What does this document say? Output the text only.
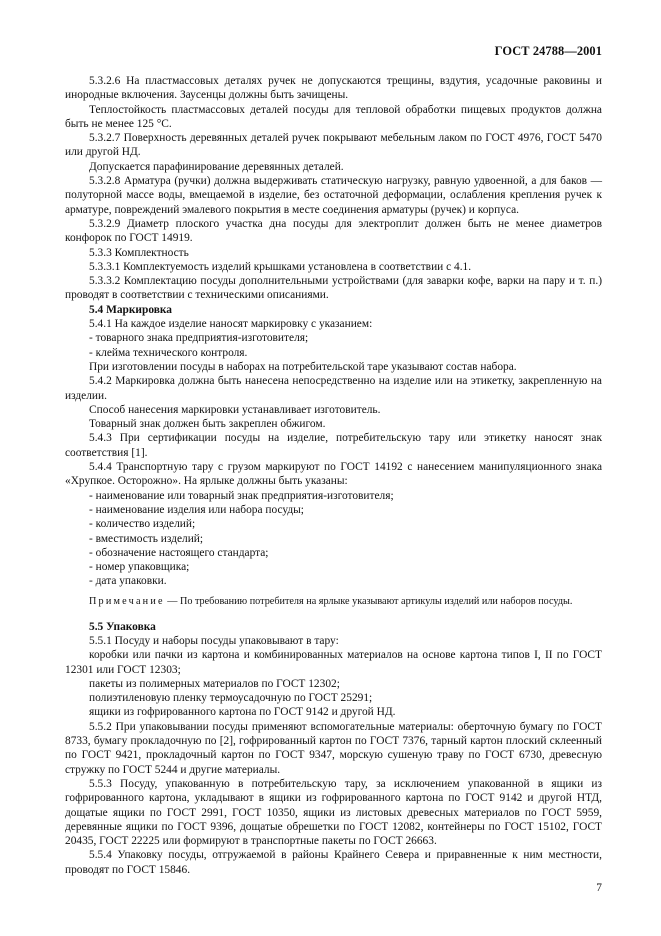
ГОСТ 24788—2001

5.3.2.6 На пластмассовых деталях ручек не допускаются трещины, вздутия, усадочные раковины и инородные включения. Заусенцы должны быть зачищены.

Теплостойкость пластмассовых деталей посуды для тепловой обработки пищевых продуктов должна быть не менее 125 °С.

5.3.2.7 Поверхность деревянных деталей ручек покрывают мебельным лаком по ГОСТ 4976, ГОСТ 5470 или другой НД.

Допускается парафинирование деревянных деталей.

5.3.2.8 Арматура (ручки) должна выдерживать статическую нагрузку, равную удвоенной, а для баков — полуторной массе воды, вмещаемой в изделие, без остаточной деформации, ослабления крепления ручек к арматуре, повреждений эмалевого покрытия в месте соединения арматуры (ручек) и корпуса.

5.3.2.9 Диаметр плоского участка дна посуды для электроплит должен быть не менее диаметров конфорок по ГОСТ 14919.

5.3.3 Комплектность

5.3.3.1 Комплектуемость изделий крышками установлена в соответствии с 4.1.

5.3.3.2 Комплектацию посуды дополнительными устройствами (для заварки кофе, варки на пару и т. п.) проводят в соответствии с техническими описаниями.

5.4 Маркировка

5.4.1 На каждое изделие наносят маркировку с указанием:

- товарного знака предприятия-изготовителя;

- клейма технического контроля.

При изготовлении посуды в наборах на потребительской таре указывают состав набора.

5.4.2 Маркировка должна быть нанесена непосредственно на изделие или на этикетку, закрепленную на изделии.

Способ нанесения маркировки устанавливает изготовитель.

Товарный знак должен быть закреплен обжигом.

5.4.3 При сертификации посуды на изделие, потребительскую тару или этикетку наносят знак соответствия [1].

5.4.4 Транспортную тару с грузом маркируют по ГОСТ 14192 с нанесением манипуляционного знака «Хрупкое. Осторожно». На ярлыке должны быть указаны:

- наименование или товарный знак предприятия-изготовителя;

- наименование изделия или набора посуды;

- количество изделий;

- вместимость изделий;

- обозначение настоящего стандарта;

- номер упаковщика;

- дата упаковки.

Примечание — По требованию потребителя на ярлыке указывают артикулы изделий или наборов посуды.

5.5 Упаковка

5.5.1 Посуду и наборы посуды упаковывают в тару:

коробки или пачки из картона и комбинированных материалов на основе картона типов I, II по ГОСТ 12301 или ГОСТ 12303;

пакеты из полимерных материалов по ГОСТ 12302;

полиэтиленовую пленку термоусадочную по ГОСТ 25291;

ящики из гофрированного картона по ГОСТ 9142 и другой НД.

5.5.2 При упаковывании посуды применяют вспомогательные материалы: оберточную бумагу по ГОСТ 8733, бумагу прокладочную по [2], гофрированный картон по ГОСТ 7376, тарный картон плоский склеенный по ГОСТ 9421, прокладочный картон по ГОСТ 9347, морскую сушеную траву по ГОСТ 6730, древесную стружку по ГОСТ 5244 и другие материалы.

5.5.3 Посуду, упакованную в потребительскую тару, за исключением упакованной в ящики из гофрированного картона, укладывают в ящики из гофрированного картона по ГОСТ 9142 и другой НТД, дощатые ящики по ГОСТ 2991, ГОСТ 10350, ящики из листовых древесных материалов по ГОСТ 5959, деревянные ящики по ГОСТ 9396, дощатые обрешетки по ГОСТ 12082, контейнеры по ГОСТ 15102, ГОСТ 20435, ГОСТ 22225 или формируют в транспортные пакеты по ГОСТ 26663.

5.5.4 Упаковку посуды, отгружаемой в районы Крайнего Севера и приравненные к ним местности, проводят по ГОСТ 15846.

7
